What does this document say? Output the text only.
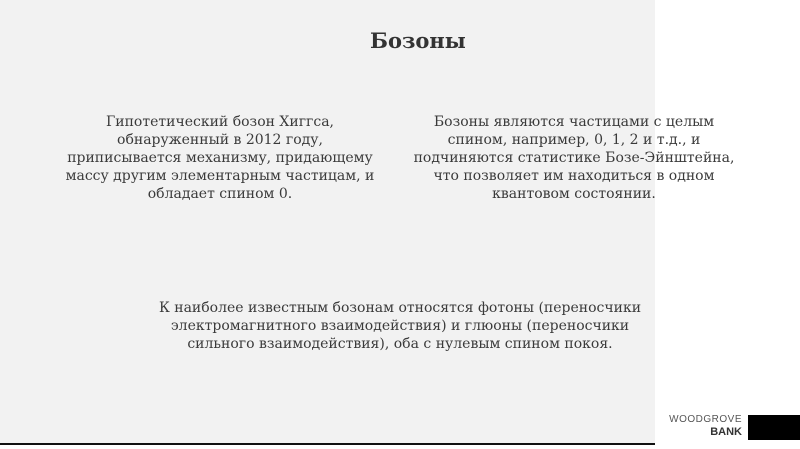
Бозоны

Гипотетический бозон Хиггса,
обнаруженный в 2012 году,
приписывается механизму, придающему
массу другим элементарным частицам, и
обладает спином 0.

Бозоны являются частицами с целым
спином, например, 0, 1, 2 и т.д., и
подчиняются статистике Бозе-Эйнштейна,
что позволяет им находиться в одном
квантовом состоянии.

К наиболее известным бозонам относятся фотоны (переносчики
электромагнитного взаимодействия) и глюоны (переносчики
сильного взаимодействия), оба с нулевым спином покоя.

WOODGROVE
BANK
